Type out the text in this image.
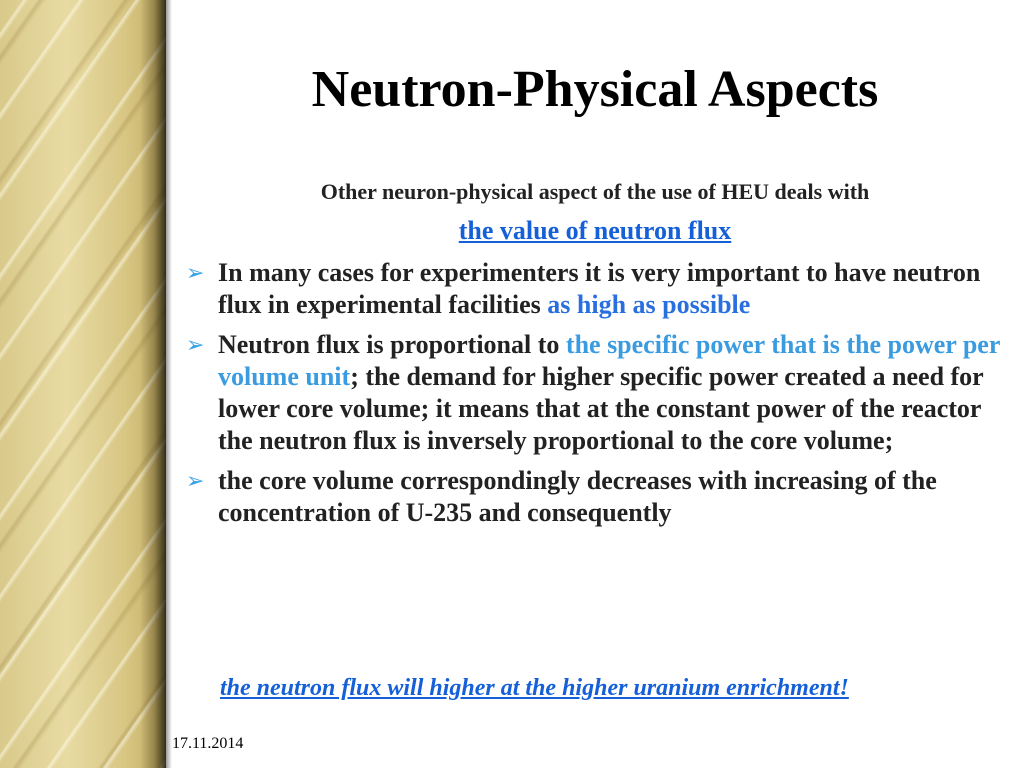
Neutron-Physical Aspects
Other neuron-physical aspect of the use of HEU deals with
the value of neutron flux
➢ In many cases for experimenters it is very important to have neutron flux in experimental facilities as high as possible
➢ Neutron flux is proportional to the specific power that is the power per volume unit; the demand for higher specific power created a need for lower core volume; it means that at the constant power of the reactor the neutron flux is inversely proportional to the core volume;
➢ the core volume correspondingly decreases with increasing of the concentration of U-235 and consequently
the neutron flux will higher at the higher uranium enrichment!
17.11.2014
